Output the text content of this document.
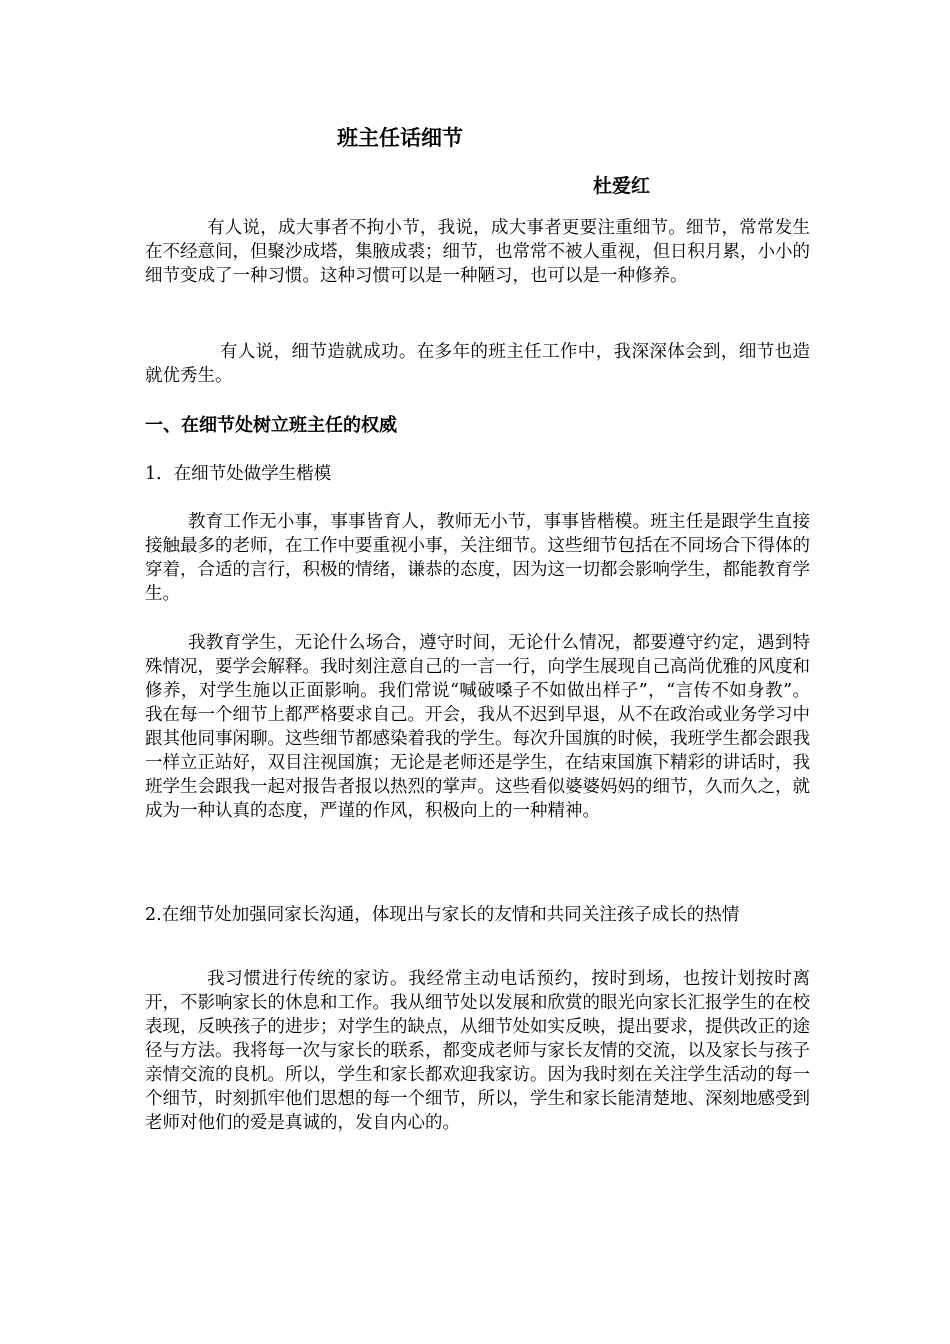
班主任话细节
杜爱红

有人说，成大事者不拘小节，我说，成大事者更要注重细节。细节，常常发生在不经意间，但聚沙成塔，集腋成裘；细节，也常常不被人重视，但日积月累，小小的细节变成了一种习惯。这种习惯可以是一种陋习，也可以是一种修养。

有人说，细节造就成功。在多年的班主任工作中，我深深体会到，细节也造就优秀生。

一、在细节处树立班主任的权威

1．在细节处做学生楷模

教育工作无小事，事事皆育人，教师无小节，事事皆楷模。班主任是跟学生直接接触最多的老师，在工作中要重视小事，关注细节。这些细节包括在不同场合下得体的穿着，合适的言行，积极的情绪，谦恭的态度，因为这一切都会影响学生，都能教育学生。

我教育学生，无论什么场合，遵守时间，无论什么情况，都要遵守约定，遇到特殊情况，要学会解释。我时刻注意自己的一言一行，向学生展现自己高尚优雅的风度和修养，对学生施以正面影响。我们常说“喊破嗓子不如做出样子”，“言传不如身教”。我在每一个细节上都严格要求自己。开会，我从不迟到早退，从不在政治或业务学习中跟其他同事闲聊。这些细节都感染着我的学生。每次升国旗的时候，我班学生都会跟我一样立正站好，双目注视国旗；无论是老师还是学生，在结束国旗下精彩的讲话时，我班学生会跟我一起对报告者报以热烈的掌声。这些看似婆婆妈妈的细节，久而久之，就成为一种认真的态度，严谨的作风，积极向上的一种精神。

2.在细节处加强同家长沟通，体现出与家长的友情和共同关注孩子成长的热情

我习惯进行传统的家访。我经常主动电话预约，按时到场，也按计划按时离开，不影响家长的休息和工作。我从细节处以发展和欣赏的眼光向家长汇报学生的在校表现，反映孩子的进步；对学生的缺点，从细节处如实反映，提出要求，提供改正的途径与方法。我将每一次与家长的联系，都变成老师与家长友情的交流，以及家长与孩子亲情交流的良机。所以，学生和家长都欢迎我家访。因为我时刻在关注学生活动的每一个细节，时刻抓牢他们思想的每一个细节，所以，学生和家长能清楚地、深刻地感受到老师对他们的爱是真诚的，发自内心的。
